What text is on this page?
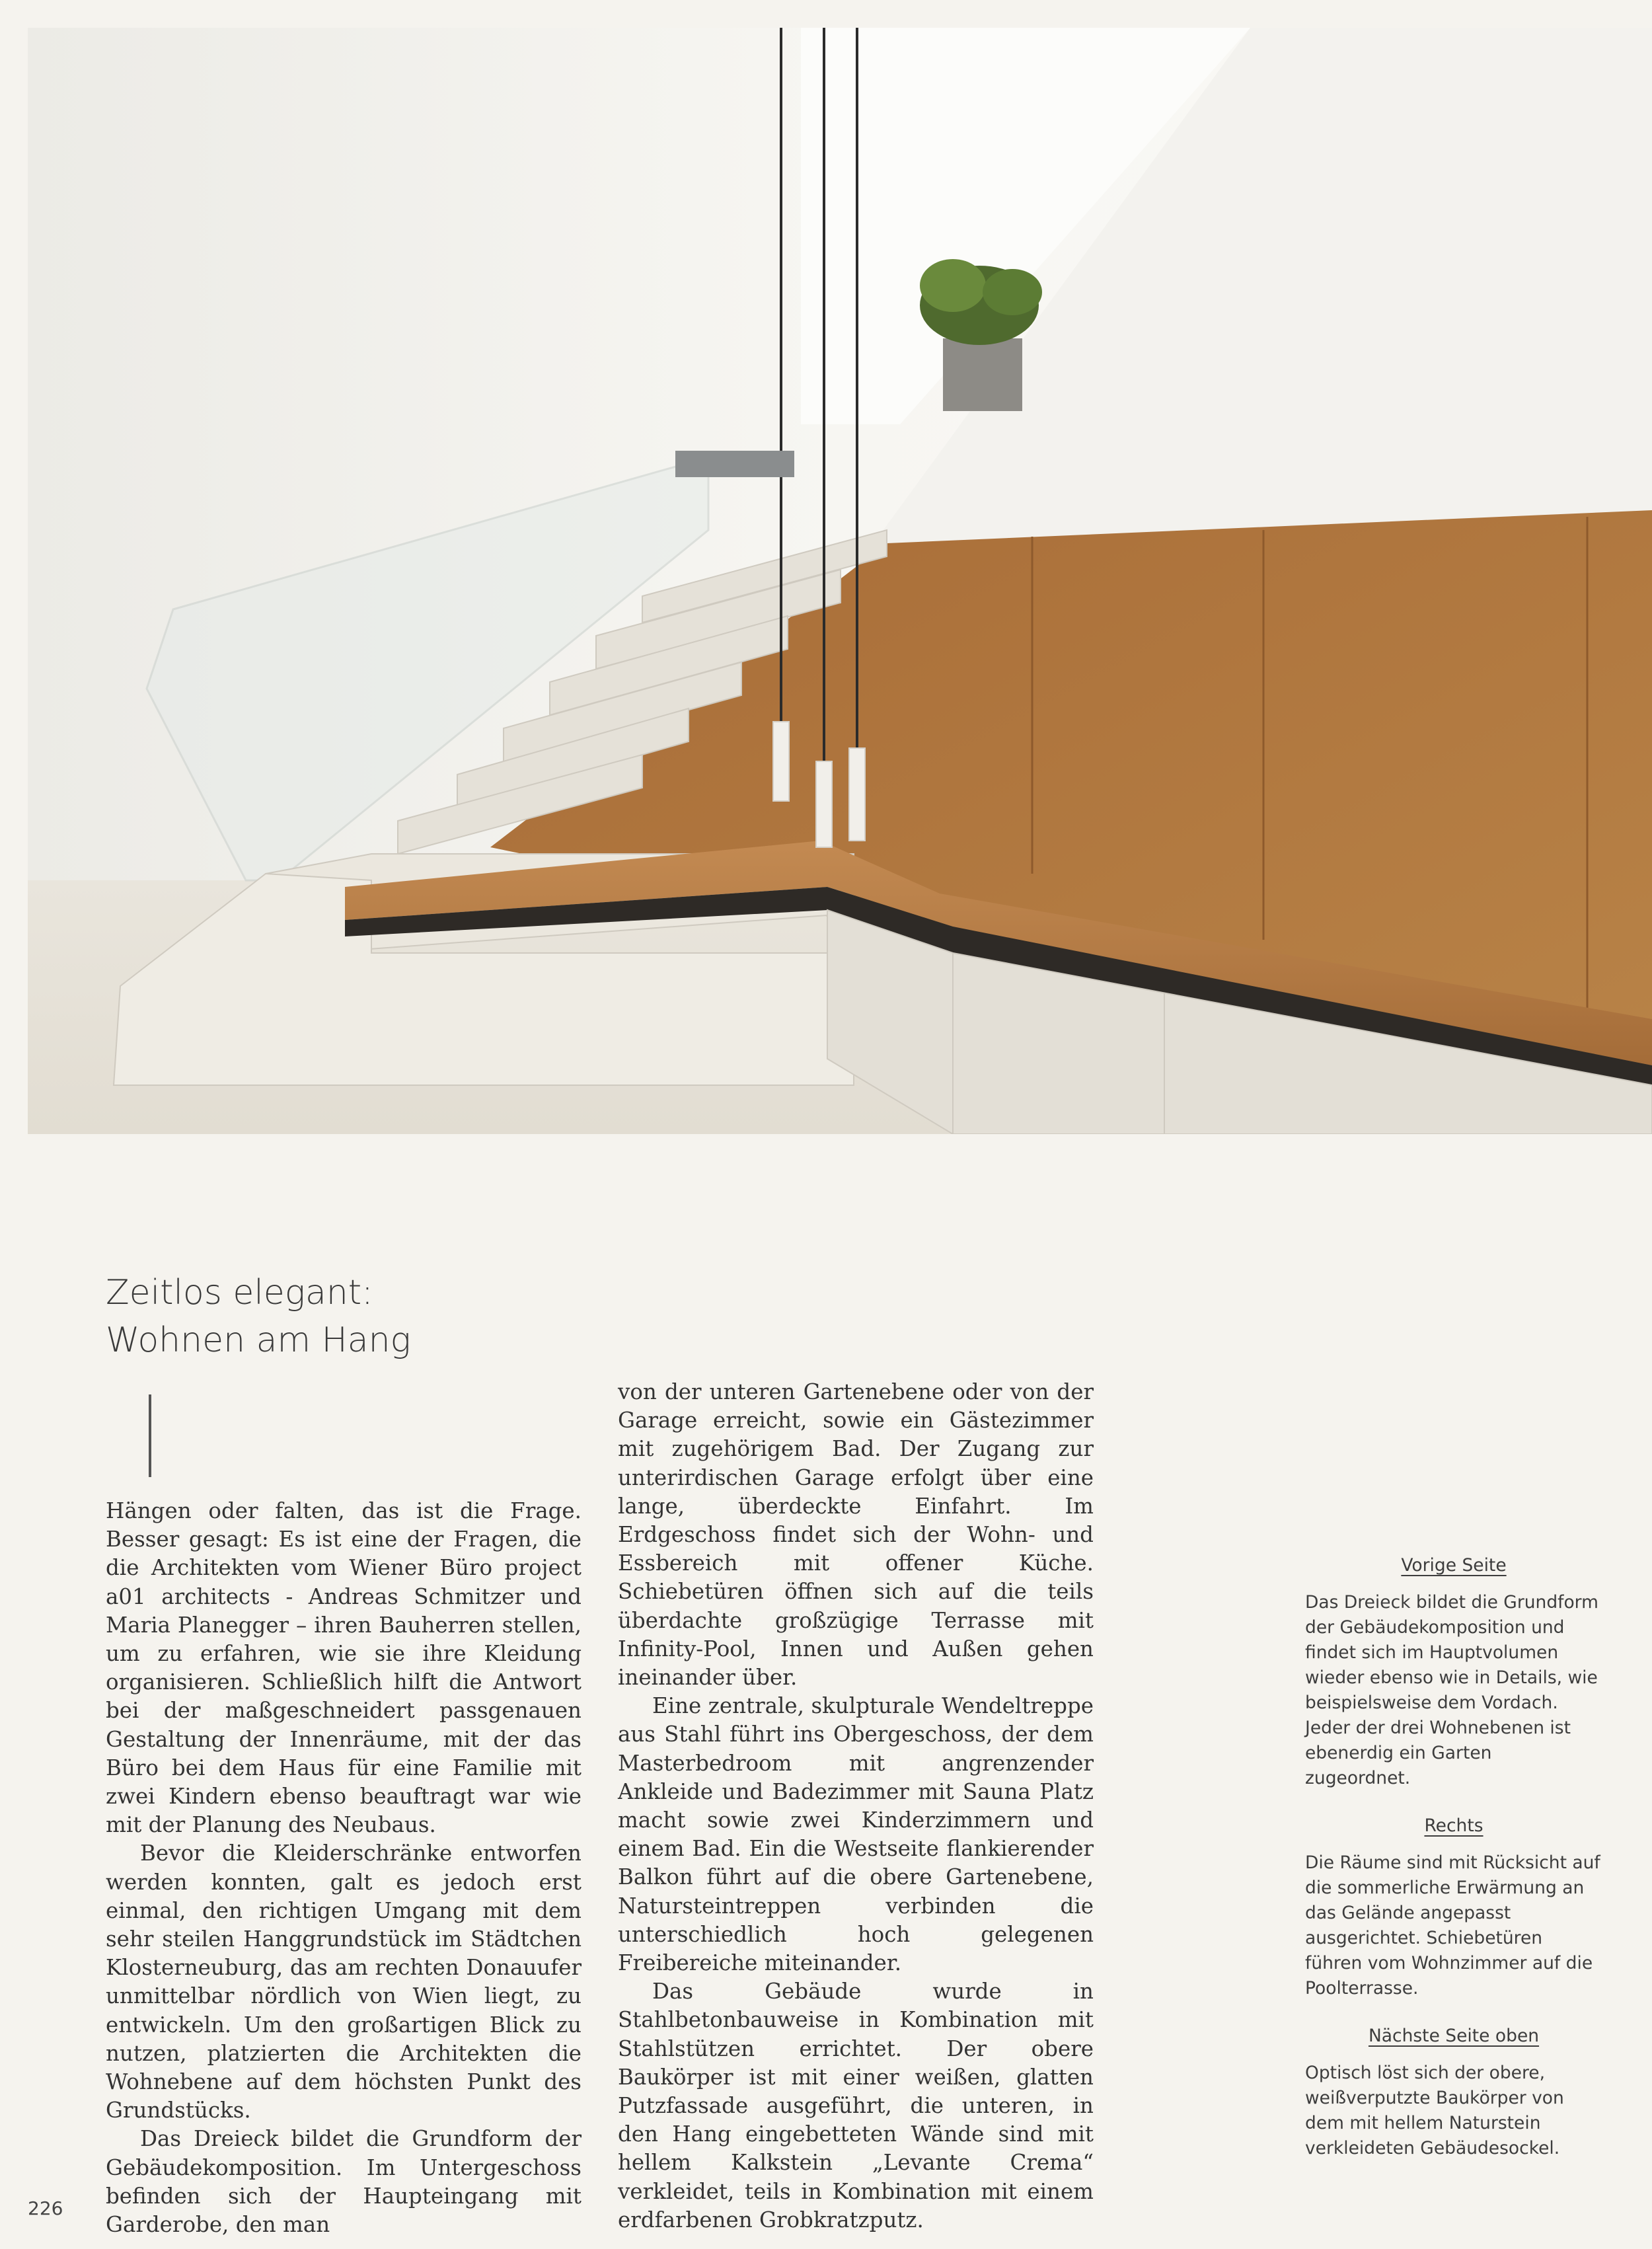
Zeitlos elegant:
Wohnen am Hang

Hängen oder falten, das ist die Frage. Besser gesagt: Es ist eine der Fragen, die die Architekten vom Wiener Büro project a01 architects - Andreas Schmitzer und Maria Planegger – ihren Bauherren stellen, um zu erfahren, wie sie ihre Kleidung organisieren. Schließlich hilft die Antwort bei der maßgeschneidert passgenauen Gestaltung der Innenräume, mit der das Büro bei dem Haus für eine Familie mit zwei Kindern ebenso beauftragt war wie mit der Planung des Neubaus.

Bevor die Kleiderschränke entworfen werden konnten, galt es jedoch erst einmal, den richtigen Umgang mit dem sehr steilen Hanggrundstück im Städtchen Klosterneuburg, das am rechten Donauufer unmittelbar nördlich von Wien liegt, zu entwickeln. Um den großartigen Blick zu nutzen, platzierten die Architekten die Wohnebene auf dem höchsten Punkt des Grundstücks.

Das Dreieck bildet die Grundform der Gebäudekomposition. Im Untergeschoss befinden sich der Haupteingang mit Garderobe, den man

von der unteren Gartenebene oder von der Garage erreicht, sowie ein Gästezimmer mit zugehörigem Bad. Der Zugang zur unterirdischen Garage erfolgt über eine lange, überdeckte Einfahrt. Im Erdgeschoss findet sich der Wohn- und Essbereich mit offener Küche. Schiebetüren öffnen sich auf die teils überdachte großzügige Terrasse mit Infinity-Pool, Innen und Außen gehen ineinander über.

Eine zentrale, skulpturale Wendeltreppe aus Stahl führt ins Obergeschoss, der dem Masterbedroom mit angrenzender Ankleide und Badezimmer mit Sauna Platz macht sowie zwei Kinderzimmern und einem Bad. Ein die Westseite flankierender Balkon führt auf die obere Gartenebene, Natursteintreppen verbinden die unterschiedlich hoch gelegenen Freibereiche miteinander.

Das Gebäude wurde in Stahlbetonbauweise in Kombination mit Stahlstützen errichtet. Der obere Baukörper ist mit einer weißen, glatten Putzfassade ausgeführt, die unteren, in den Hang eingebetteten Wände sind mit hellem Kalkstein „Levante Crema“ verkleidet, teils in Kombination mit einem erdfarbenen Grobkratzputz.

Vorige Seite

Das Dreieck bildet die Grundform der Gebäudekomposition und findet sich im Hauptvolumen wieder ebenso wie in Details, wie beispielsweise dem Vordach. Jeder der drei Wohnebenen ist ebenerdig ein Garten zugeordnet.

Rechts

Die Räume sind mit Rücksicht auf die sommerliche Erwärmung an das Gelände angepasst ausgerichtet. Schiebetüren führen vom Wohnzimmer auf die Poolterrasse.

Nächste Seite oben

Optisch löst sich der obere, weißverputzte Baukörper von dem mit hellem Naturstein verkleideten Gebäudesockel.

226
